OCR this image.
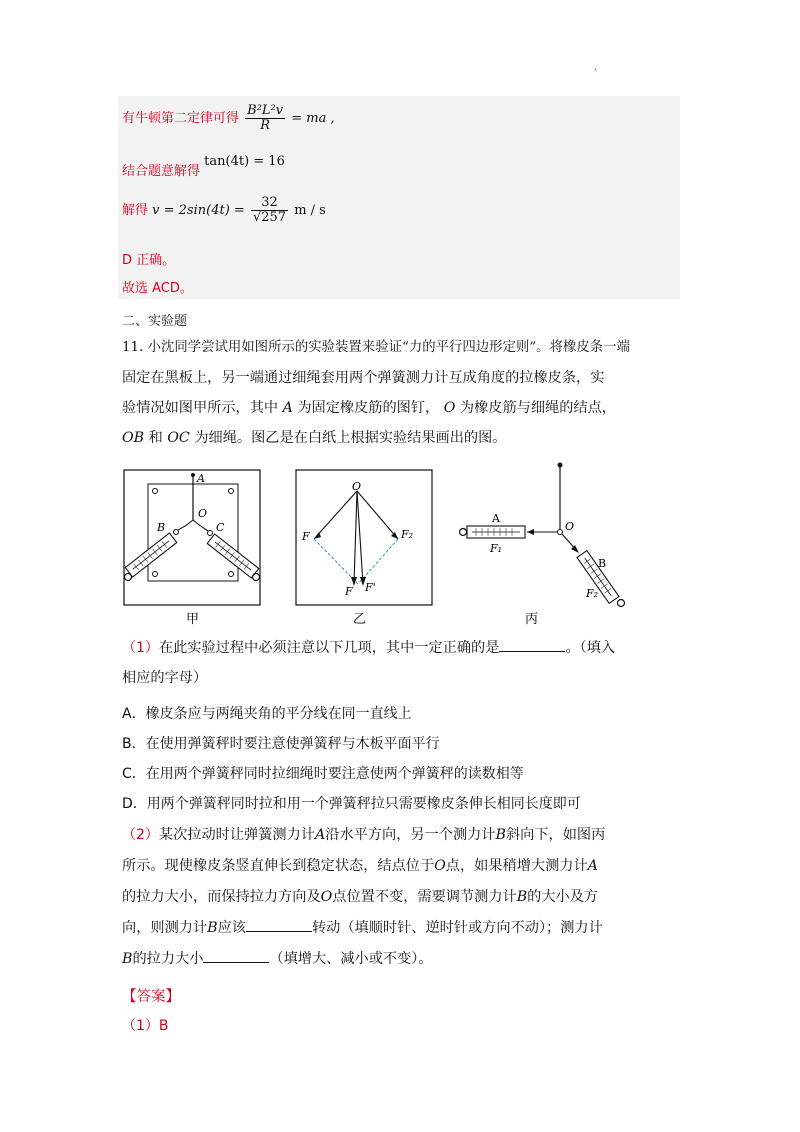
.
有牛顿第二定律可得 $\frac{\text{B²L²v}}{R}$ = ma ,
结合题意解得 tan(4t) = 16
解得 $v = 2\sin(4t) = \frac{32}{√257}$ m / s
D 正确。
故选 ACD。
二、实验题
11. 小沈同学尝试用如图所示的实验装置来验证“力的平行四边形定则”。将橡皮条一端
固定在黑板上，另一端通过细绳套用两个弹簧测力计互成角度的拉橡皮条，实
验情况如图甲所示，其中 A 为固定橡皮筋的图钉， O 为橡皮筋与细绳的结点，
OB 和 OC 为细绳。图乙是在白纸上根据实验结果画出的图。
A
O
B	C
甲
O
F	F₂
F F'
乙
A
O
F₁
B
F₂
丙
（1）在此实验过程中必须注意以下几项，其中一定正确的是	。（填入
相应的字母）
A．橡皮条应与两绳夹角的平分线在同一直线上
B．在使用弹簧秤时要注意使弹簧秤与木板平面平行
C．在用两个弹簧秤同时拉细绳时要注意使两个弹簧秤的读数相等
D．用两个弹簧秤同时拉和用一个弹簧秤拉只需要橡皮条伸长相同长度即可
（2）某次拉动时让弹簧测力计A沿水平方向，另一个测力计B斜向下，如图丙
所示。现使橡皮条竖直伸长到稳定状态，结点位于O点，如果稍增大测力计A
的拉力大小，而保持拉力方向及O点位置不变，需要调节测力计B的大小及方
向，则测力计B应该	转动（填顺时针、逆时针或方向不动）；测力计
B的拉力大小	（填增大、减小或不变）。
【答案】
（1）B
